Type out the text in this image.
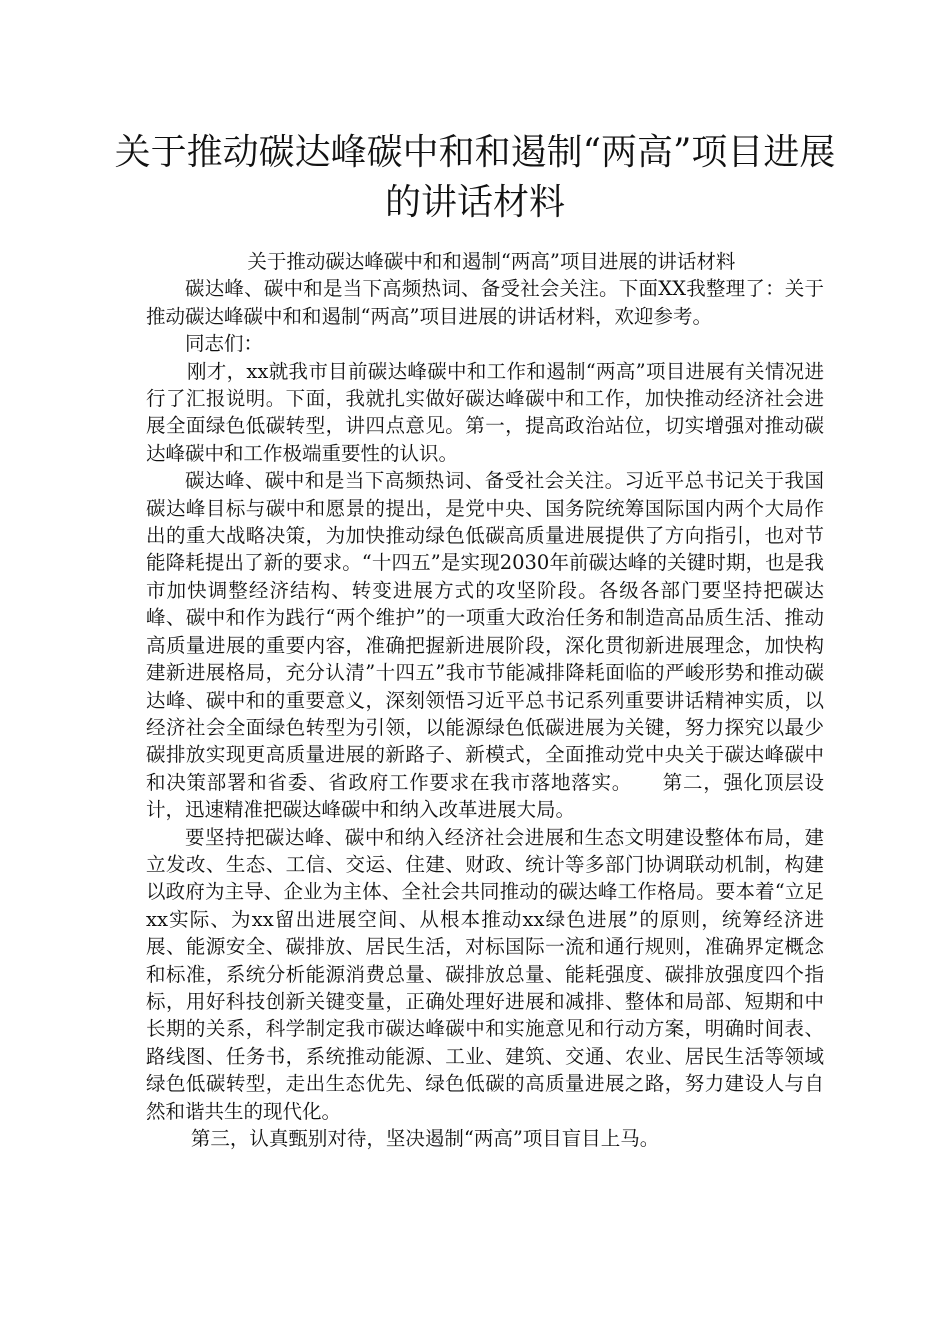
关于推动碳达峰碳中和和遏制“两高”项目进展的讲话材料

关于推动碳达峰碳中和和遏制“两高”项目进展的讲话材料

碳达峰、碳中和是当下高频热词、备受社会关注。下面XX我整理了：关于推动碳达峰碳中和和遏制“两高”项目进展的讲话材料，欢迎参考。

同志们：

刚才，xx就我市目前碳达峰碳中和工作和遏制“两高”项目进展有关情况进行了汇报说明。下面，我就扎实做好碳达峰碳中和工作，加快推动经济社会进展全面绿色低碳转型，讲四点意见。第一，提高政治站位，切实增强对推动碳达峰碳中和工作极端重要性的认识。

碳达峰、碳中和是当下高频热词、备受社会关注。习近平总书记关于我国碳达峰目标与碳中和愿景的提出，是党中央、国务院统筹国际国内两个大局作出的重大战略决策，为加快推动绿色低碳高质量进展提供了方向指引，也对节能降耗提出了新的要求。“十四五”是实现2030年前碳达峰的关键时期，也是我市加快调整经济结构、转变进展方式的攻坚阶段。各级各部门要坚持把碳达峰、碳中和作为践行“两个维护”的一项重大政治任务和制造高品质生活、推动高质量进展的重要内容，准确把握新进展阶段，深化贯彻新进展理念，加快构建新进展格局，充分认清”十四五”我市节能减排降耗面临的严峻形势和推动碳达峰、碳中和的重要意义，深刻领悟习近平总书记系列重要讲话精神实质，以经济社会全面绿色转型为引领，以能源绿色低碳进展为关键，努力探究以最少碳排放实现更高质量进展的新路子、新模式，全面推动党中央关于碳达峰碳中和决策部署和省委、省政府工作要求在我市落地落实。　　第二，强化顶层设计，迅速精准把碳达峰碳中和纳入改革进展大局。

要坚持把碳达峰、碳中和纳入经济社会进展和生态文明建设整体布局，建立发改、生态、工信、交运、住建、财政、统计等多部门协调联动机制，构建以政府为主导、企业为主体、全社会共同推动的碳达峰工作格局。要本着“立足xx实际、为xx留出进展空间、从根本推动xx绿色进展”的原则，统筹经济进展、能源安全、碳排放、居民生活，对标国际一流和通行规则，准确界定概念和标准，系统分析能源消费总量、碳排放总量、能耗强度、碳排放强度四个指标，用好科技创新关键变量，正确处理好进展和减排、整体和局部、短期和中长期的关系，科学制定我市碳达峰碳中和实施意见和行动方案，明确时间表、路线图、任务书，系统推动能源、工业、建筑、交通、农业、居民生活等领域绿色低碳转型，走出生态优先、绿色低碳的高质量进展之路，努力建设人与自然和谐共生的现代化。

第三，认真甄别对待，坚决遏制“两高”项目盲目上马。
